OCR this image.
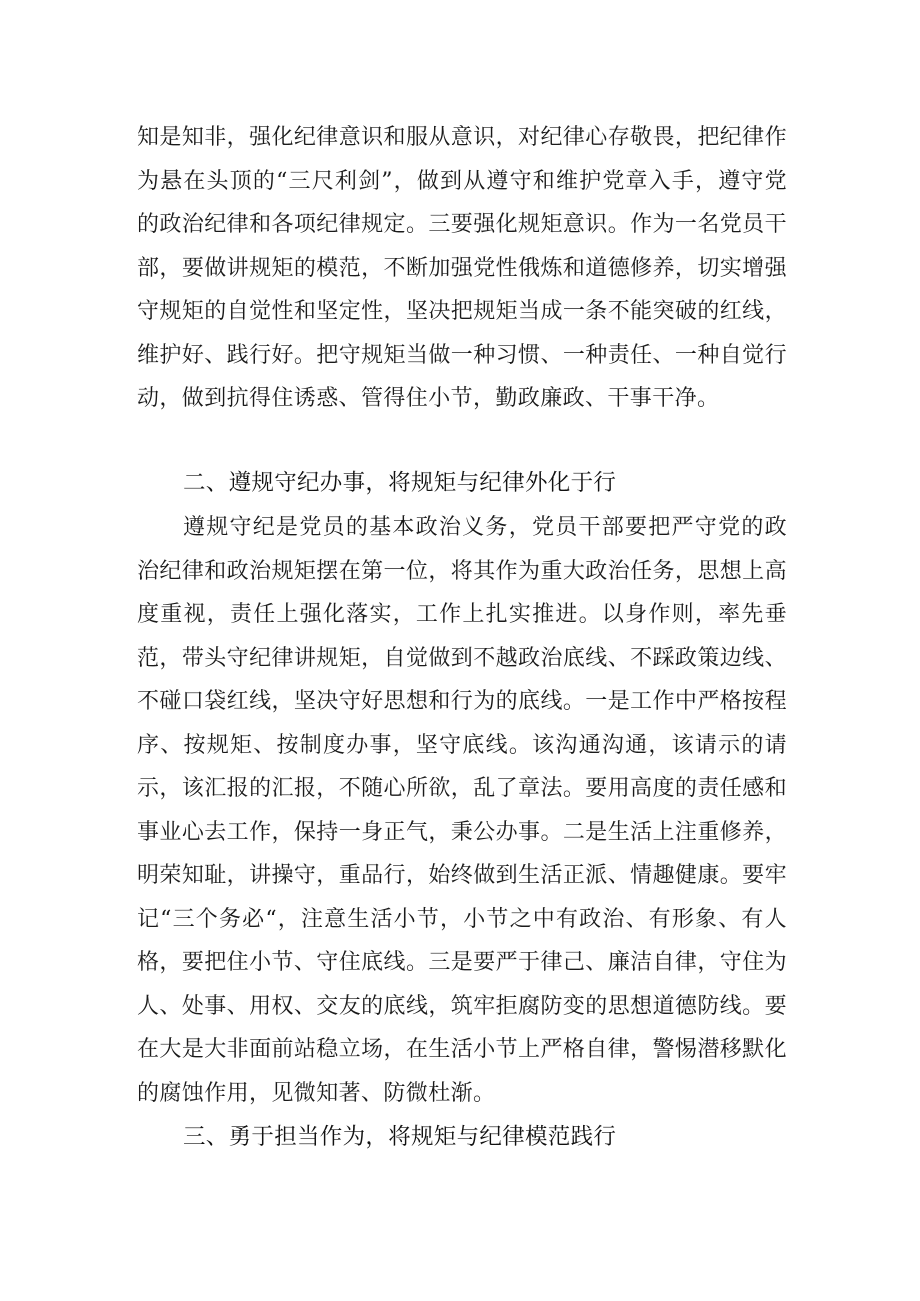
知是知非，强化纪律意识和服从意识，对纪律心存敬畏，把纪律作为悬在头顶的“三尺利剑”，做到从遵守和维护党章入手，遵守党的政治纪律和各项纪律规定。三要强化规矩意识。作为一名党员干部，要做讲规矩的模范，不断加强党性俄炼和道德修养，切实增强守规矩的自觉性和坚定性，坚决把规矩当成一条不能突破的红线，维护好、践行好。把守规矩当做一种习惯、一种责任、一种自觉行动，做到抗得住诱惑、管得住小节，勤政廉政、干事干净。

二、遵规守纪办事，将规矩与纪律外化于行

遵规守纪是党员的基本政治义务，党员干部要把严守党的政治纪律和政治规矩摆在第一位，将其作为重大政治任务，思想上高度重视，责任上强化落实，工作上扎实推进。以身作则，率先垂范，带头守纪律讲规矩，自觉做到不越政治底线、不踩政策边线、不碰口袋红线，坚决守好思想和行为的底线。一是工作中严格按程序、按规矩、按制度办事，坚守底线。该沟通沟通，该请示的请示，该汇报的汇报，不随心所欲，乱了章法。要用高度的责任感和事业心去工作，保持一身正气，秉公办事。二是生活上注重修养，明荣知耻，讲操守，重品行，始终做到生活正派、情趣健康。要牢记“三个务必“，注意生活小节，小节之中有政治、有形象、有人格，要把住小节、守住底线。三是要严于律己、廉洁自律，守住为人、处事、用权、交友的底线，筑牢拒腐防变的思想道德防线。要在大是大非面前站稳立场，在生活小节上严格自律，警惕潜移默化的腐蚀作用，见微知著、防微杜渐。

三、勇于担当作为，将规矩与纪律模范践行
